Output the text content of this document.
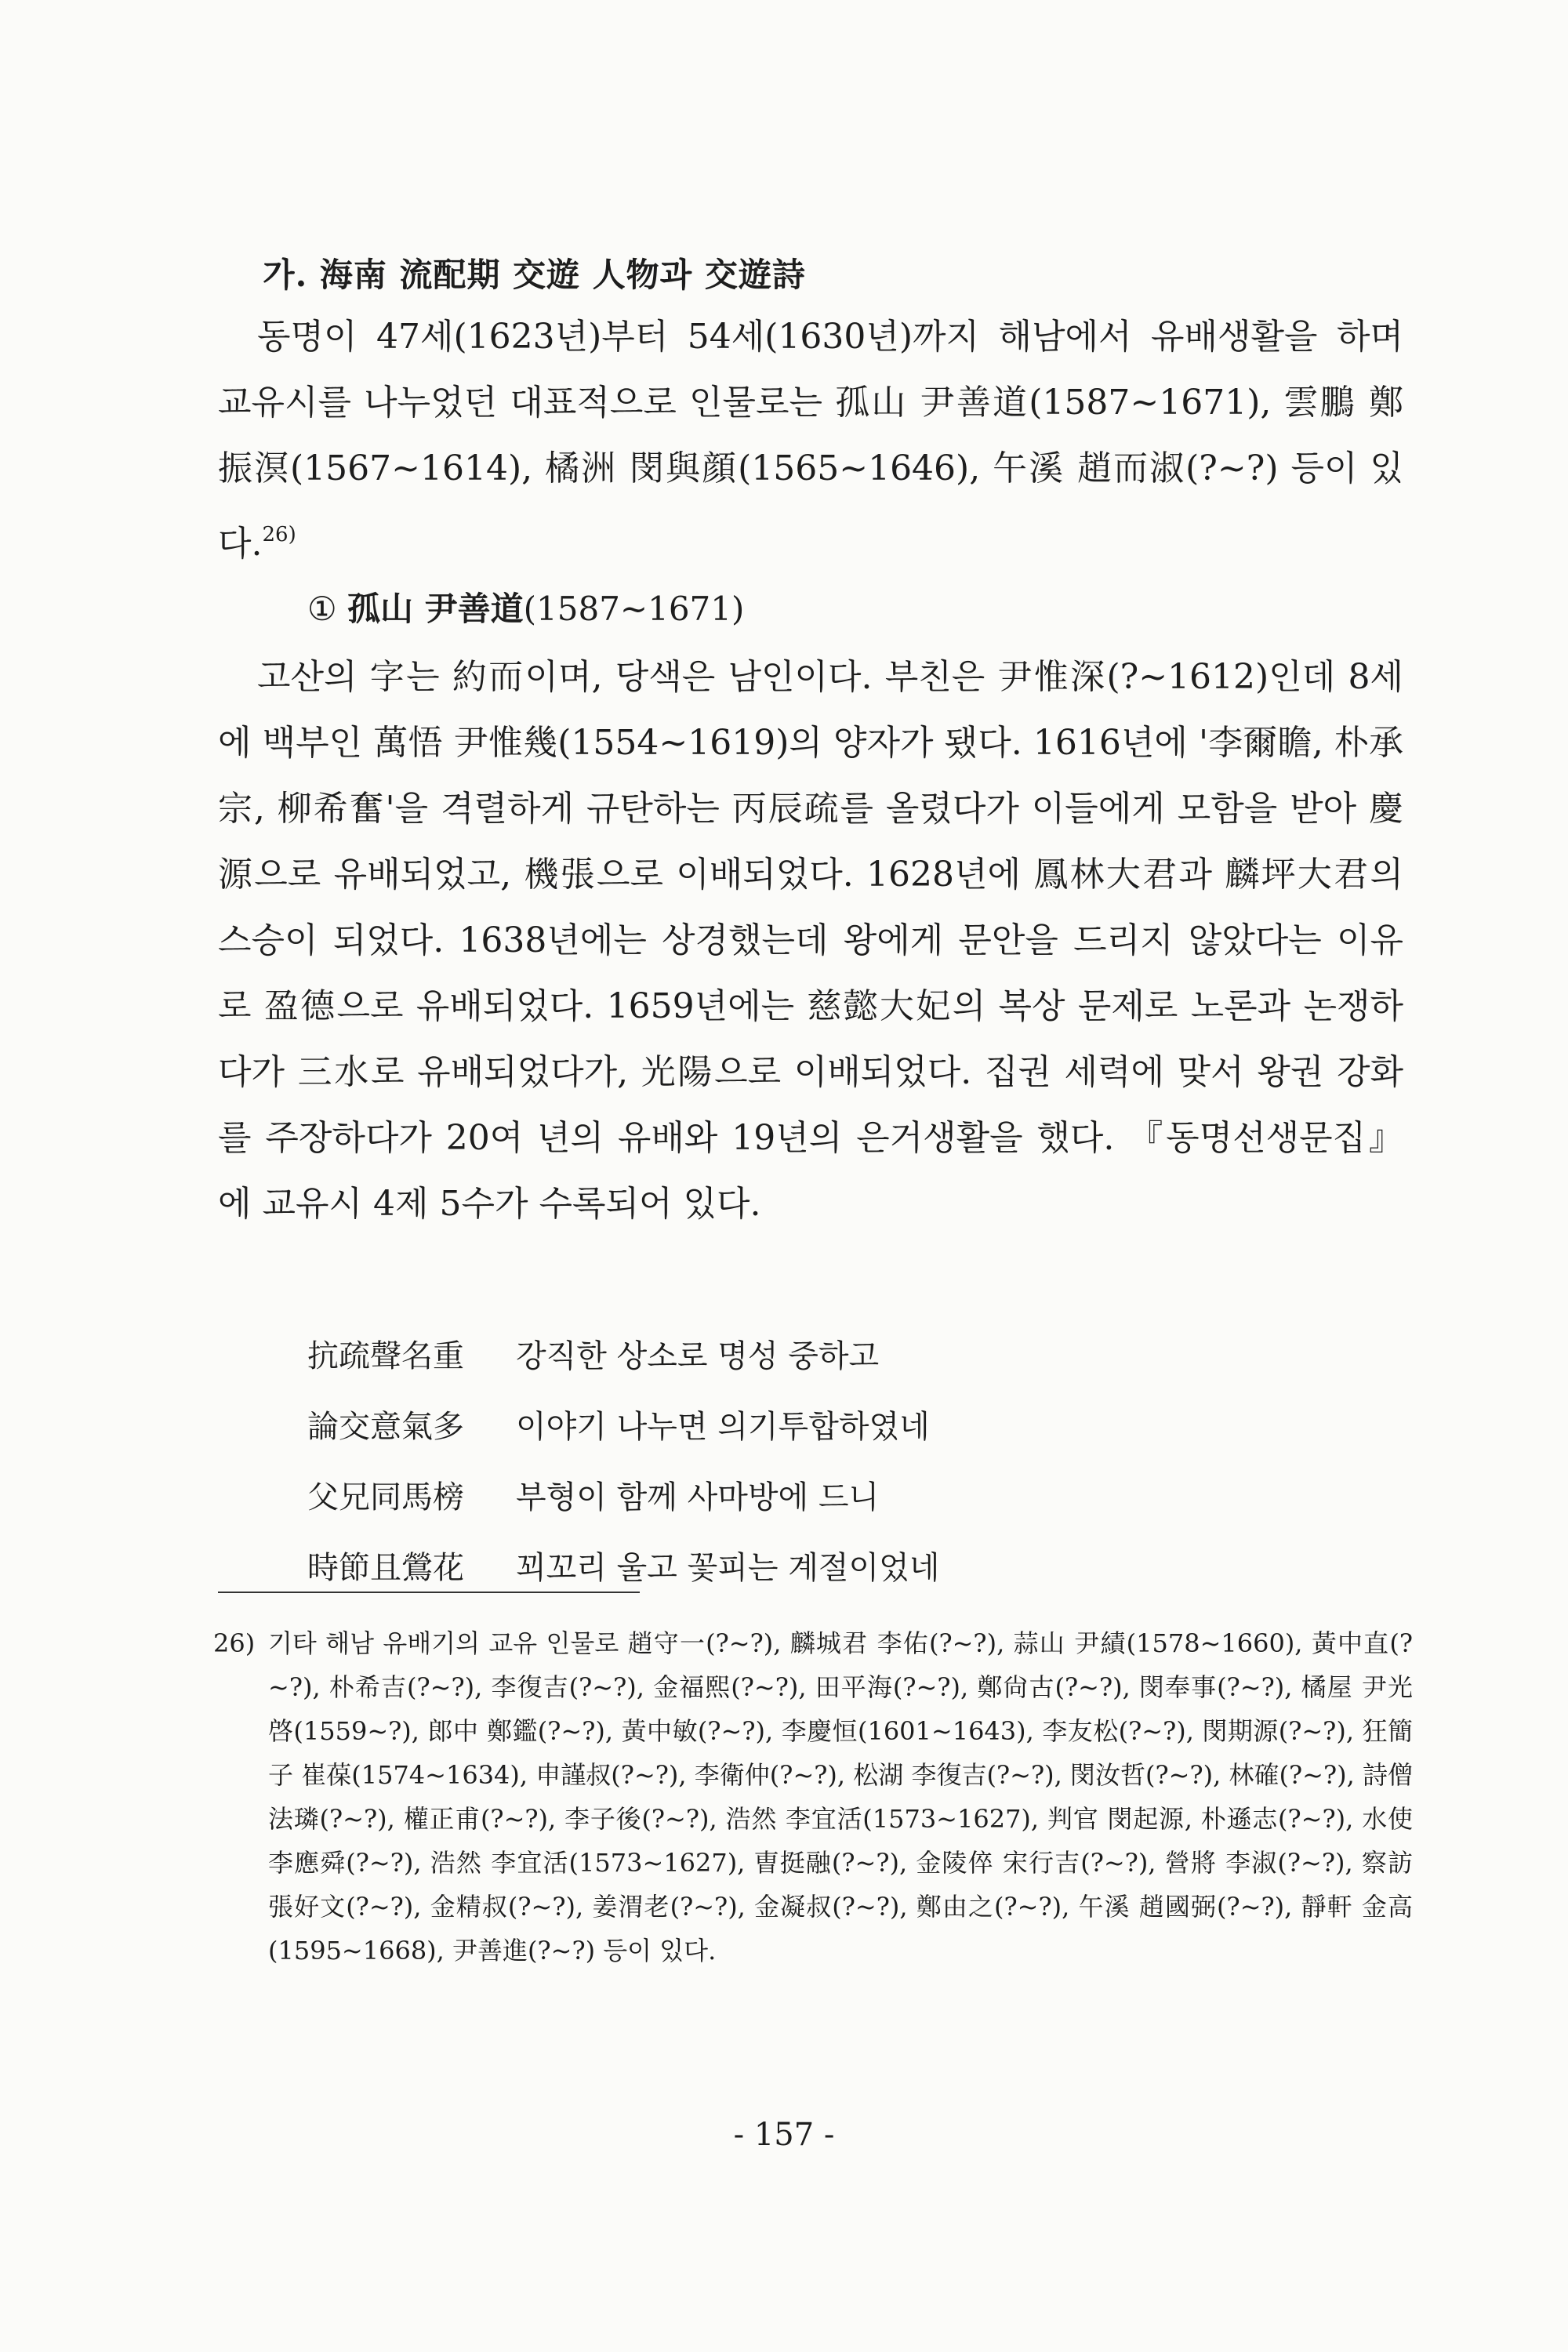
가. 海南 流配期 交遊 人物과 交遊詩

동명이 47세(1623년)부터 54세(1630년)까지 해남에서 유배생활을 하며 교유시를 나누었던 대표적으로 인물로는 孤山 尹善道(1587~1671), 雲鵬 鄭振溟(1567~1614), 橘洲 閔與顔(1565~1646), 午溪 趙而淑(?~?) 등이 있다.$^{26)}$

① 孤山 尹善道(1587~1671)

고산의 字는 約而이며, 당색은 남인이다. 부친은 尹惟深(?~1612)인데 8세에 백부인 萬悟 尹惟幾(1554~1619)의 양자가 됐다. 1616년에 '李爾瞻, 朴承宗, 柳希奮'을 격렬하게 규탄하는 丙辰疏를 올렸다가 이들에게 모함을 받아 慶源으로 유배되었고, 機張으로 이배되었다. 1628년에 鳳林大君과 麟坪大君의 스승이 되었다. 1638년에는 상경했는데 왕에게 문안을 드리지 않았다는 이유로 盈德으로 유배되었다. 1659년에는 慈懿大妃의 복상 문제로 노론과 논쟁하다가 三水로 유배되었다가, 光陽으로 이배되었다. 집권 세력에 맞서 왕권 강화를 주장하다가 20여 년의 유배와 19년의 은거생활을 했다. 『동명선생문집』에 교유시 4제 5수가 수록되어 있다.

抗疏聲名重	강직한 상소로 명성 중하고
論交意氣多	이야기 나누면 의기투합하였네
父兄同馬榜	부형이 함께 사마방에 드니
時節且鶯花	꾀꼬리 울고 꽃피는 계절이었네
26) 기타 해남 유배기의 교유 인물로 趙守一(?~?), 麟城君 李佑(?~?), 蒜山 尹績(1578~1660), 黃中直(?~?), 朴希吉(?~?), 李復吉(?~?), 金福熙(?~?), 田平海(?~?), 鄭尙古(?~?), 閔奉事(?~?), 橘屋 尹光啓(1559~?), 郎中 鄭鑑(?~?), 黃中敏(?~?), 李慶恒(1601~1643), 李友松(?~?), 閔期源(?~?), 狂簡子 崔葆(1574~1634), 申謹叔(?~?), 李衛仲(?~?), 松湖 李復吉(?~?), 閔汝哲(?~?), 林確(?~?), 詩僧 法璘(?~?), 權正甫(?~?), 李子後(?~?), 浩然 李宜活(1573~1627), 判官 閔起源, 朴遜志(?~?), 水使 李應舜(?~?), 浩然 李宜活(1573~1627), 曺挺融(?~?), 金陵倅 宋行吉(?~?), 營將 李淑(?~?), 察訪 張好文(?~?), 金精叔(?~?), 姜渭老(?~?), 金凝叔(?~?), 鄭由之(?~?), 午溪 趙國弼(?~?), 靜軒 金高(1595~1668), 尹善進(?~?) 등이 있다.
- 157 -
